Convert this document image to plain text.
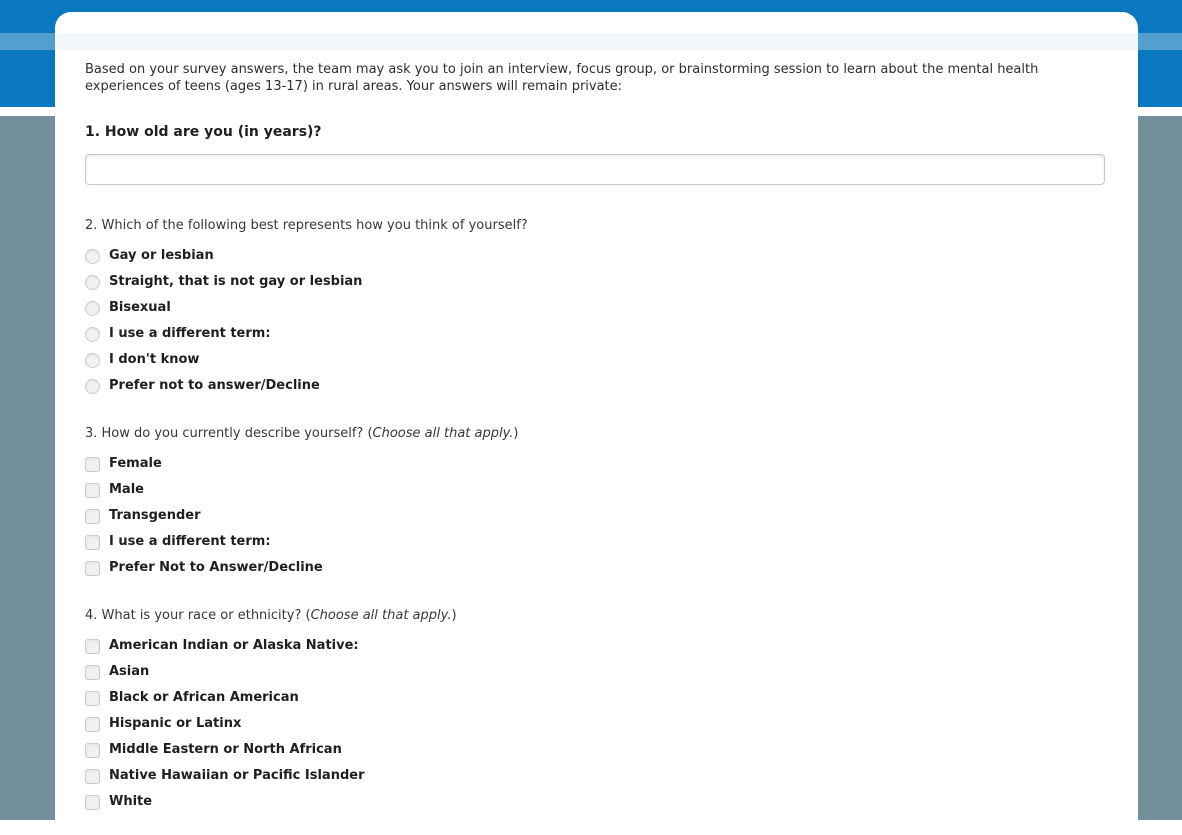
Based on your survey answers, the team may ask you to join an interview, focus group, or brainstorming session to learn about the mental health experiences of teens (ages 13-17) in rural areas. Your answers will remain private:

1. How old are you (in years)?
2. Which of the following best represents how you think of yourself?
Gay or lesbian
Straight, that is not gay or lesbian
Bisexual
I use a different term:
I don't know
Prefer not to answer/Decline
3. How do you currently describe yourself? (Choose all that apply.)
Female
Male
Transgender
I use a different term:
Prefer Not to Answer/Decline
4. What is your race or ethnicity? (Choose all that apply.)
American Indian or Alaska Native:
Asian
Black or African American
Hispanic or Latinx
Middle Eastern or North African
Native Hawaiian or Pacific Islander
White
